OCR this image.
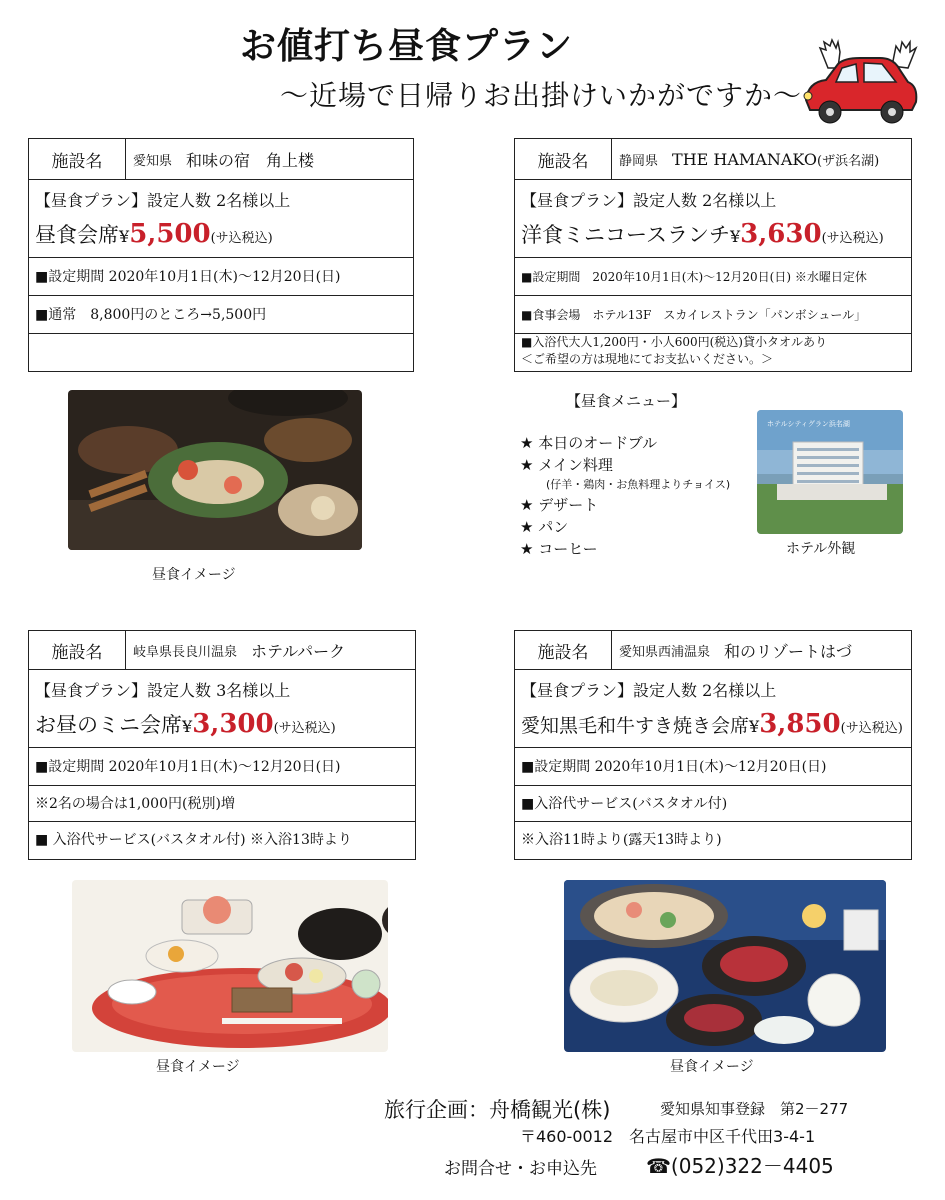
お値打ち昼食プラン
～近場で日帰りお出掛けいかがですか～
施設名	愛知県 和味の宿　角上楼
【昼食プラン】設定人数 2名様以上
昼食会席¥5,500(サ込税込)
■設定期間 2020年10月1日(木)～12月20日(日)
■通常　8,800円のところ→5,500円
施設名	静岡県 THE HAMANAKO (ザ浜名湖)
【昼食プラン】設定人数 2名様以上
洋食ミニコースランチ¥3,630(サ込税込)
■設定期間　2020年10月1日(木)～12月20日(日) ※水曜日定休
■食事会場　ホテル13F　スカイレストラン「パンボシュール」
■入浴代大人1,200円・小人600円(税込)貸小タオルあり
＜ご希望の方は現地にてお支払いください。＞
昼食イメージ
【昼食メニュー】
★ 本日のオードブル
★ メイン料理
(仔羊・鶏肉・お魚料理よりチョイス)
★ デザート
★ パン
★ コーヒー
ホテルシティグラン浜名湖
ホテル外観
施設名	岐阜県長良川温泉 ホテルパーク
【昼食プラン】設定人数 3名様以上
お昼のミニ会席¥3,300(サ込税込)
■設定期間 2020年10月1日(木)～12月20日(日)
※2名の場合は1,000円(税別)増
■ 入浴代サービス(バスタオル付) ※入浴13時より
施設名	愛知県西浦温泉 和のリゾートはづ
【昼食プラン】設定人数 2名様以上
愛知黒毛和牛すき焼き会席¥3,850(サ込税込)
■設定期間 2020年10月1日(木)～12月20日(日)
■入浴代サービス(バスタオル付)
※入浴11時より(露天13時より)
昼食イメージ	昼食イメージ
旅行企画：舟橋観光(株)	愛知県知事登録　第2－277
〒460-0012　名古屋市中区千代田3-4-1
お問合せ・お申込先 ☎(052)322－4405
